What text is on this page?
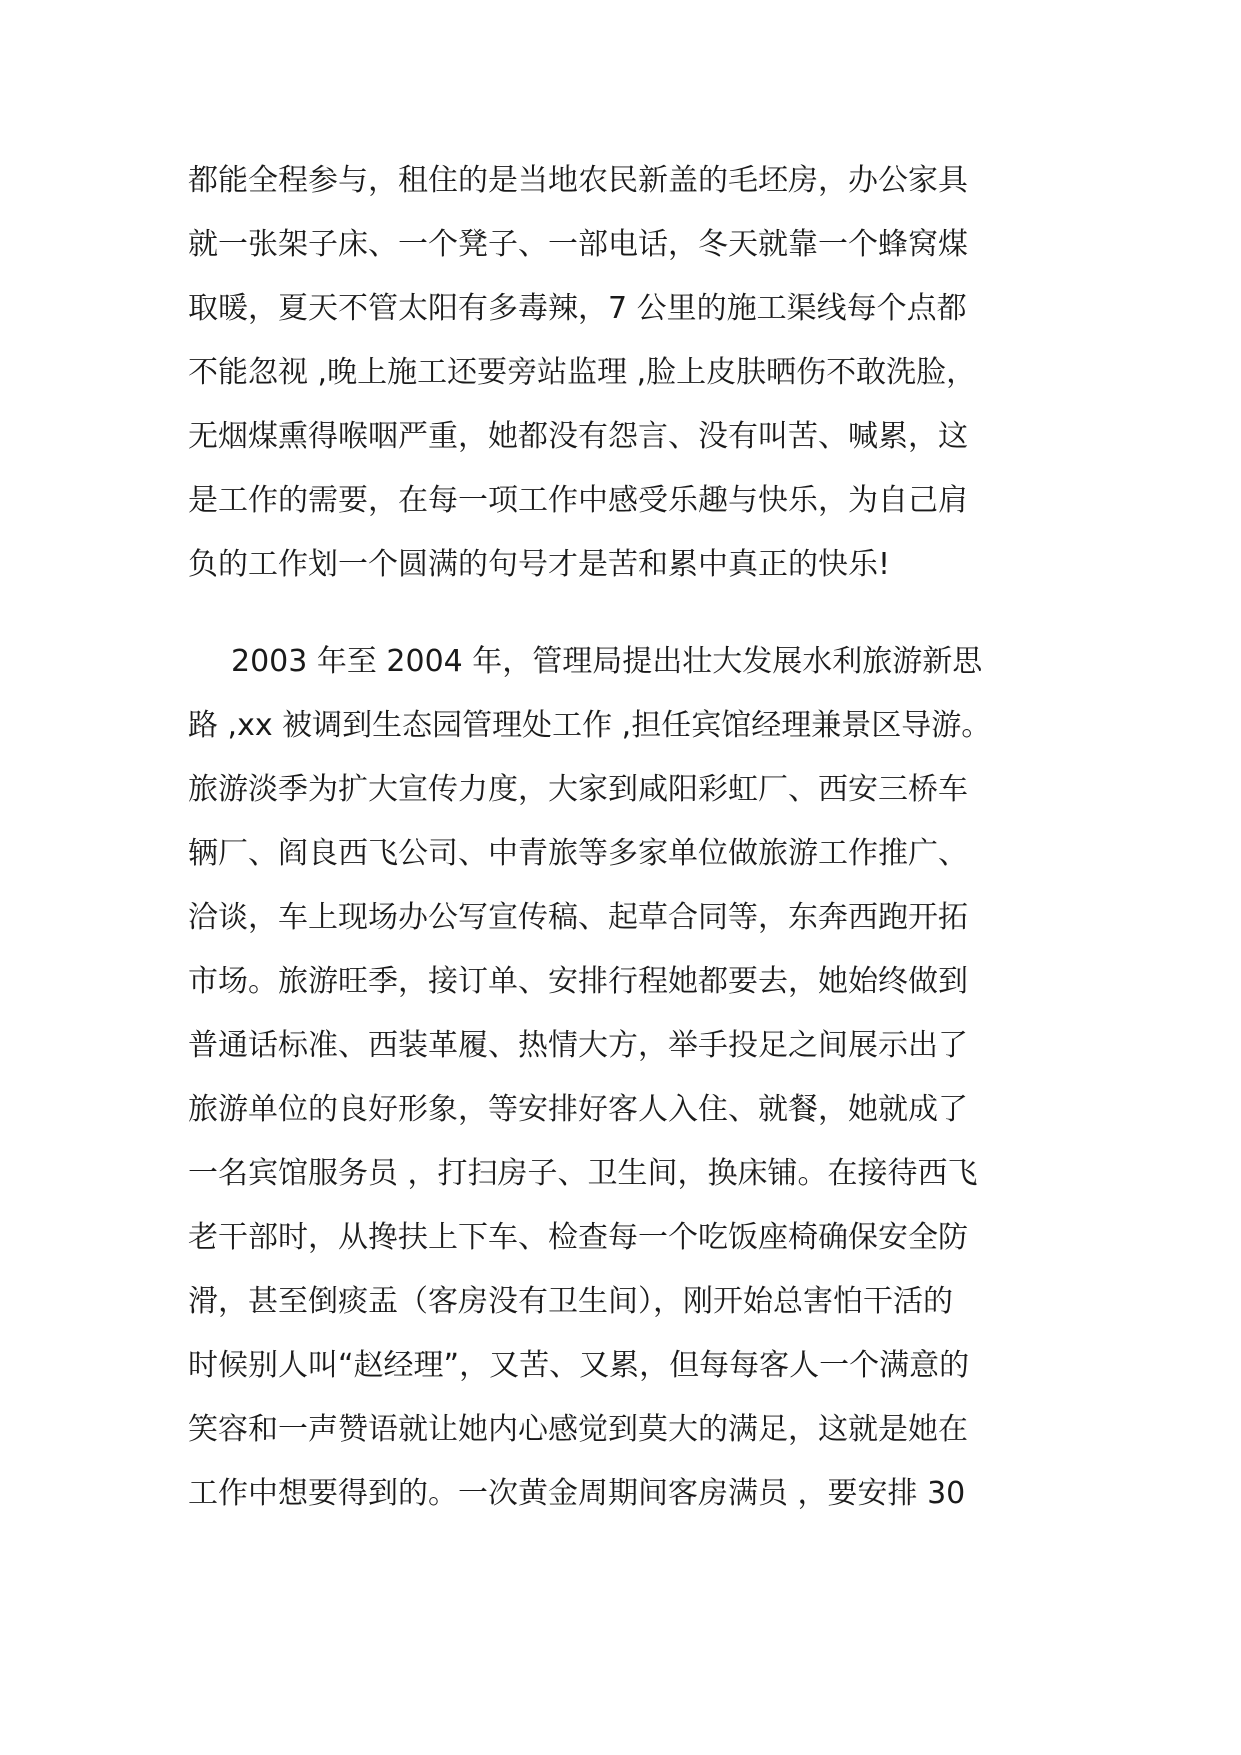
都能全程参与，租住的是当地农民新盖的毛坯房，办公家具
就一张架子床、一个凳子、一部电话，冬天就靠一个蜂窝煤
取暖，夏天不管太阳有多毒辣，7 公里的施工渠线每个点都
不能忽视 ,晚上施工还要旁站监理 ,脸上皮肤晒伤不敢洗脸，
无烟煤熏得喉咽严重，她都没有怨言、没有叫苦、喊累，这
是工作的需要，在每一项工作中感受乐趣与快乐，为自己肩
负的工作划一个圆满的句号才是苦和累中真正的快乐!
2003 年至 2004 年，管理局提出壮大发展水利旅游新思
路 ,xx 被调到生态园管理处工作 ,担任宾馆经理兼景区导游。
旅游淡季为扩大宣传力度，大家到咸阳彩虹厂、西安三桥车
辆厂、阎良西飞公司、中青旅等多家单位做旅游工作推广、
洽谈，车上现场办公写宣传稿、起草合同等，东奔西跑开拓
市场。旅游旺季，接订单、安排行程她都要去，她始终做到
普通话标准、西装革履、热情大方，举手投足之间展示出了
旅游单位的良好形象，等安排好客人入住、就餐，她就成了
一名宾馆服务员 ，打扫房子、卫生间，换床铺。在接待西飞
老干部时，从搀扶上下车、检查每一个吃饭座椅确保安全防
滑，甚至倒痰盂（客房没有卫生间），刚开始总害怕干活的
时候别人叫“赵经理”，又苦、又累，但每每客人一个满意的
笑容和一声赞语就让她内心感觉到莫大的满足，这就是她在
工作中想要得到的。一次黄金周期间客房满员 ，要安排 30
